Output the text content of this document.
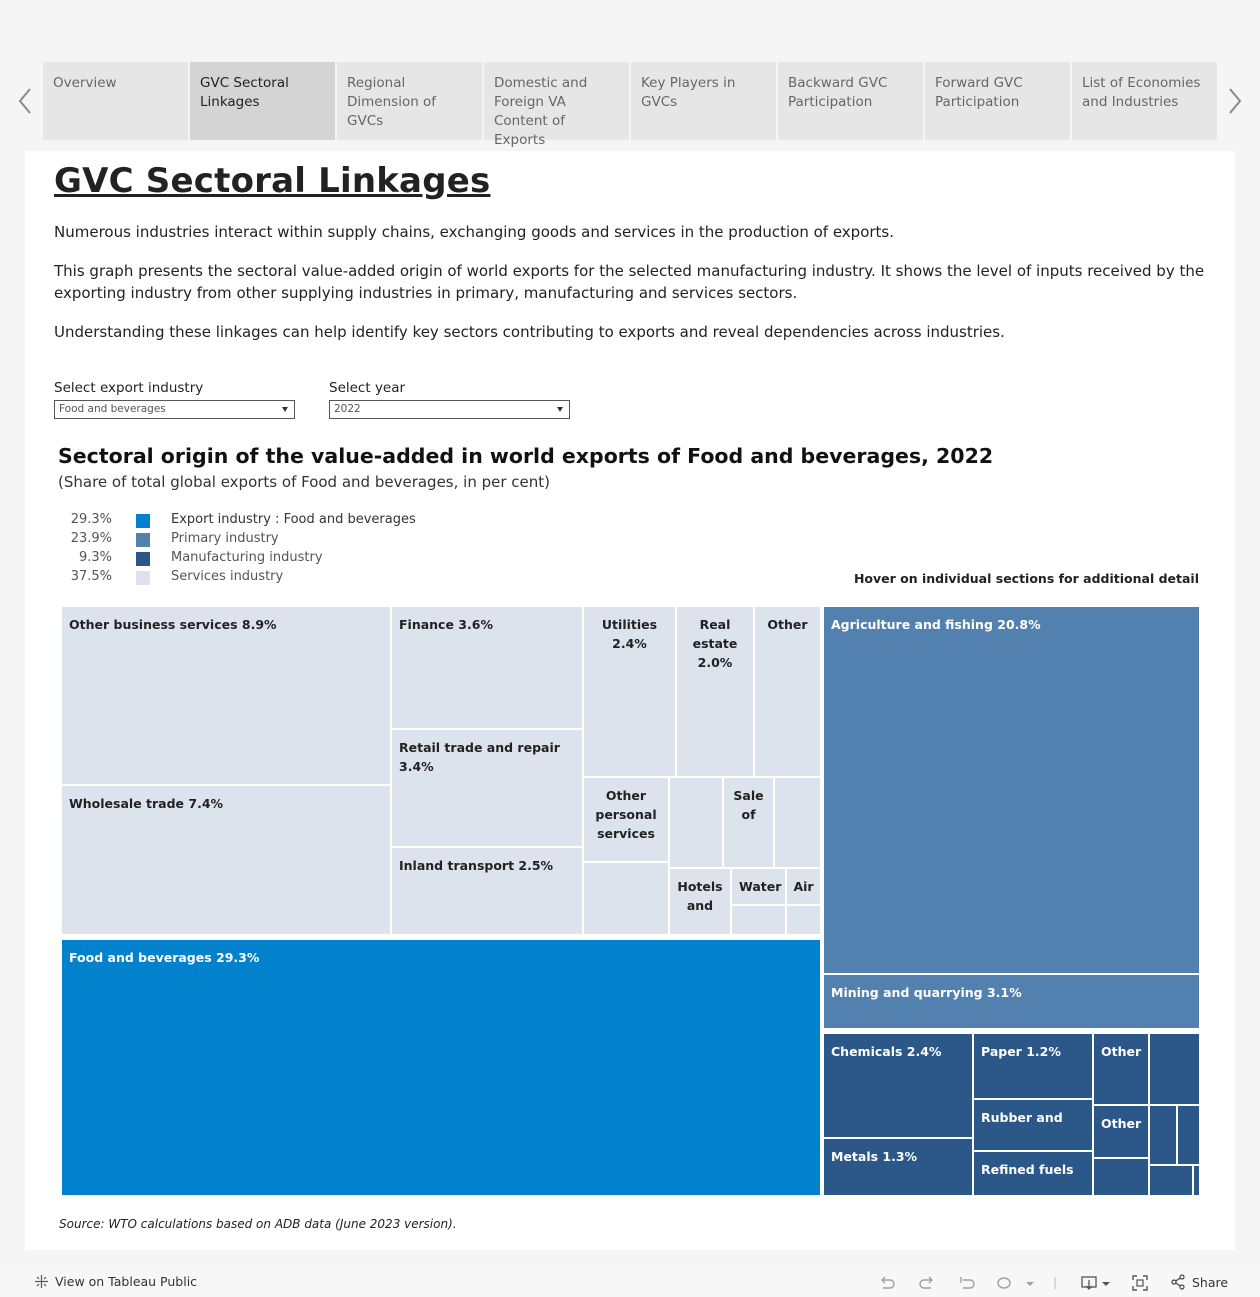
Overview	GVC Sectoral Linkages
Regional Dimension of GVCs
Domestic and Foreign VA Content of Exports
Key Players in GVCs
Backward GVC Participation
Forward GVC Participation
List of Economies and Industries
GVC Sectoral Linkages
Numerous industries interact within supply chains, exchanging goods and services in the production of exports.
This graph presents the sectoral value-added origin of world exports for the selected manufacturing industry. It shows the level of inputs received by the exporting industry from other supplying industries in primary, manufacturing and services sectors.
Understanding these linkages can help identify key sectors contributing to exports and reveal dependencies across industries.
Select export industry
Food and beverages
Select year
2022
Sectoral origin of the value-added in world exports of Food and beverages, 2022
(Share of total global exports of Food and beverages, in per cent)
29.3%	Export industry : Food and beverages
23.9%	Primary industry
9.3%	Manufacturing industry
37.5%	Services industry	Hover on individual sections for additional detail
Other business services 8.9%
Wholesale trade 7.4%
Finance 3.6%
Retail trade and repair 3.4%
Inland transport 2.5%
Utilities 2.4%
Real estate 2.0%
Other
Other personal services
Sale of
Hotels and
Water Air
Food and beverages 29.3%
Agriculture and fishing 20.8%
Mining and quarrying 3.1%
Chemicals 2.4%
Metals 1.3%
Paper 1.2%
Rubber and
Refined fuels
Other
Other
Source: WTO calculations based on ADB data (June 2023 version).
View on Tableau Public	Share
